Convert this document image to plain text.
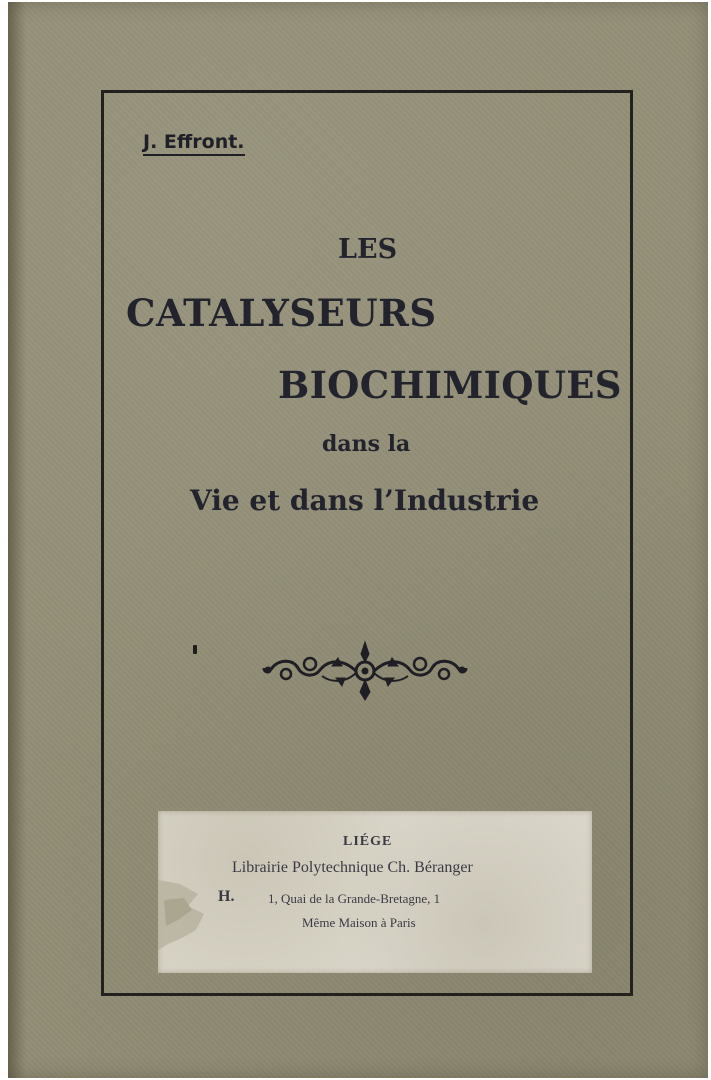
J. Effront.
LES
CATALYSEURS
BIOCHIMIQUES
dans la
Vie et dans l’Industrie
LIÉGE
Librairie Polytechnique Ch. Béranger
H.	1, Quai de la Grande-Bretagne, 1
Même Maison à Paris
